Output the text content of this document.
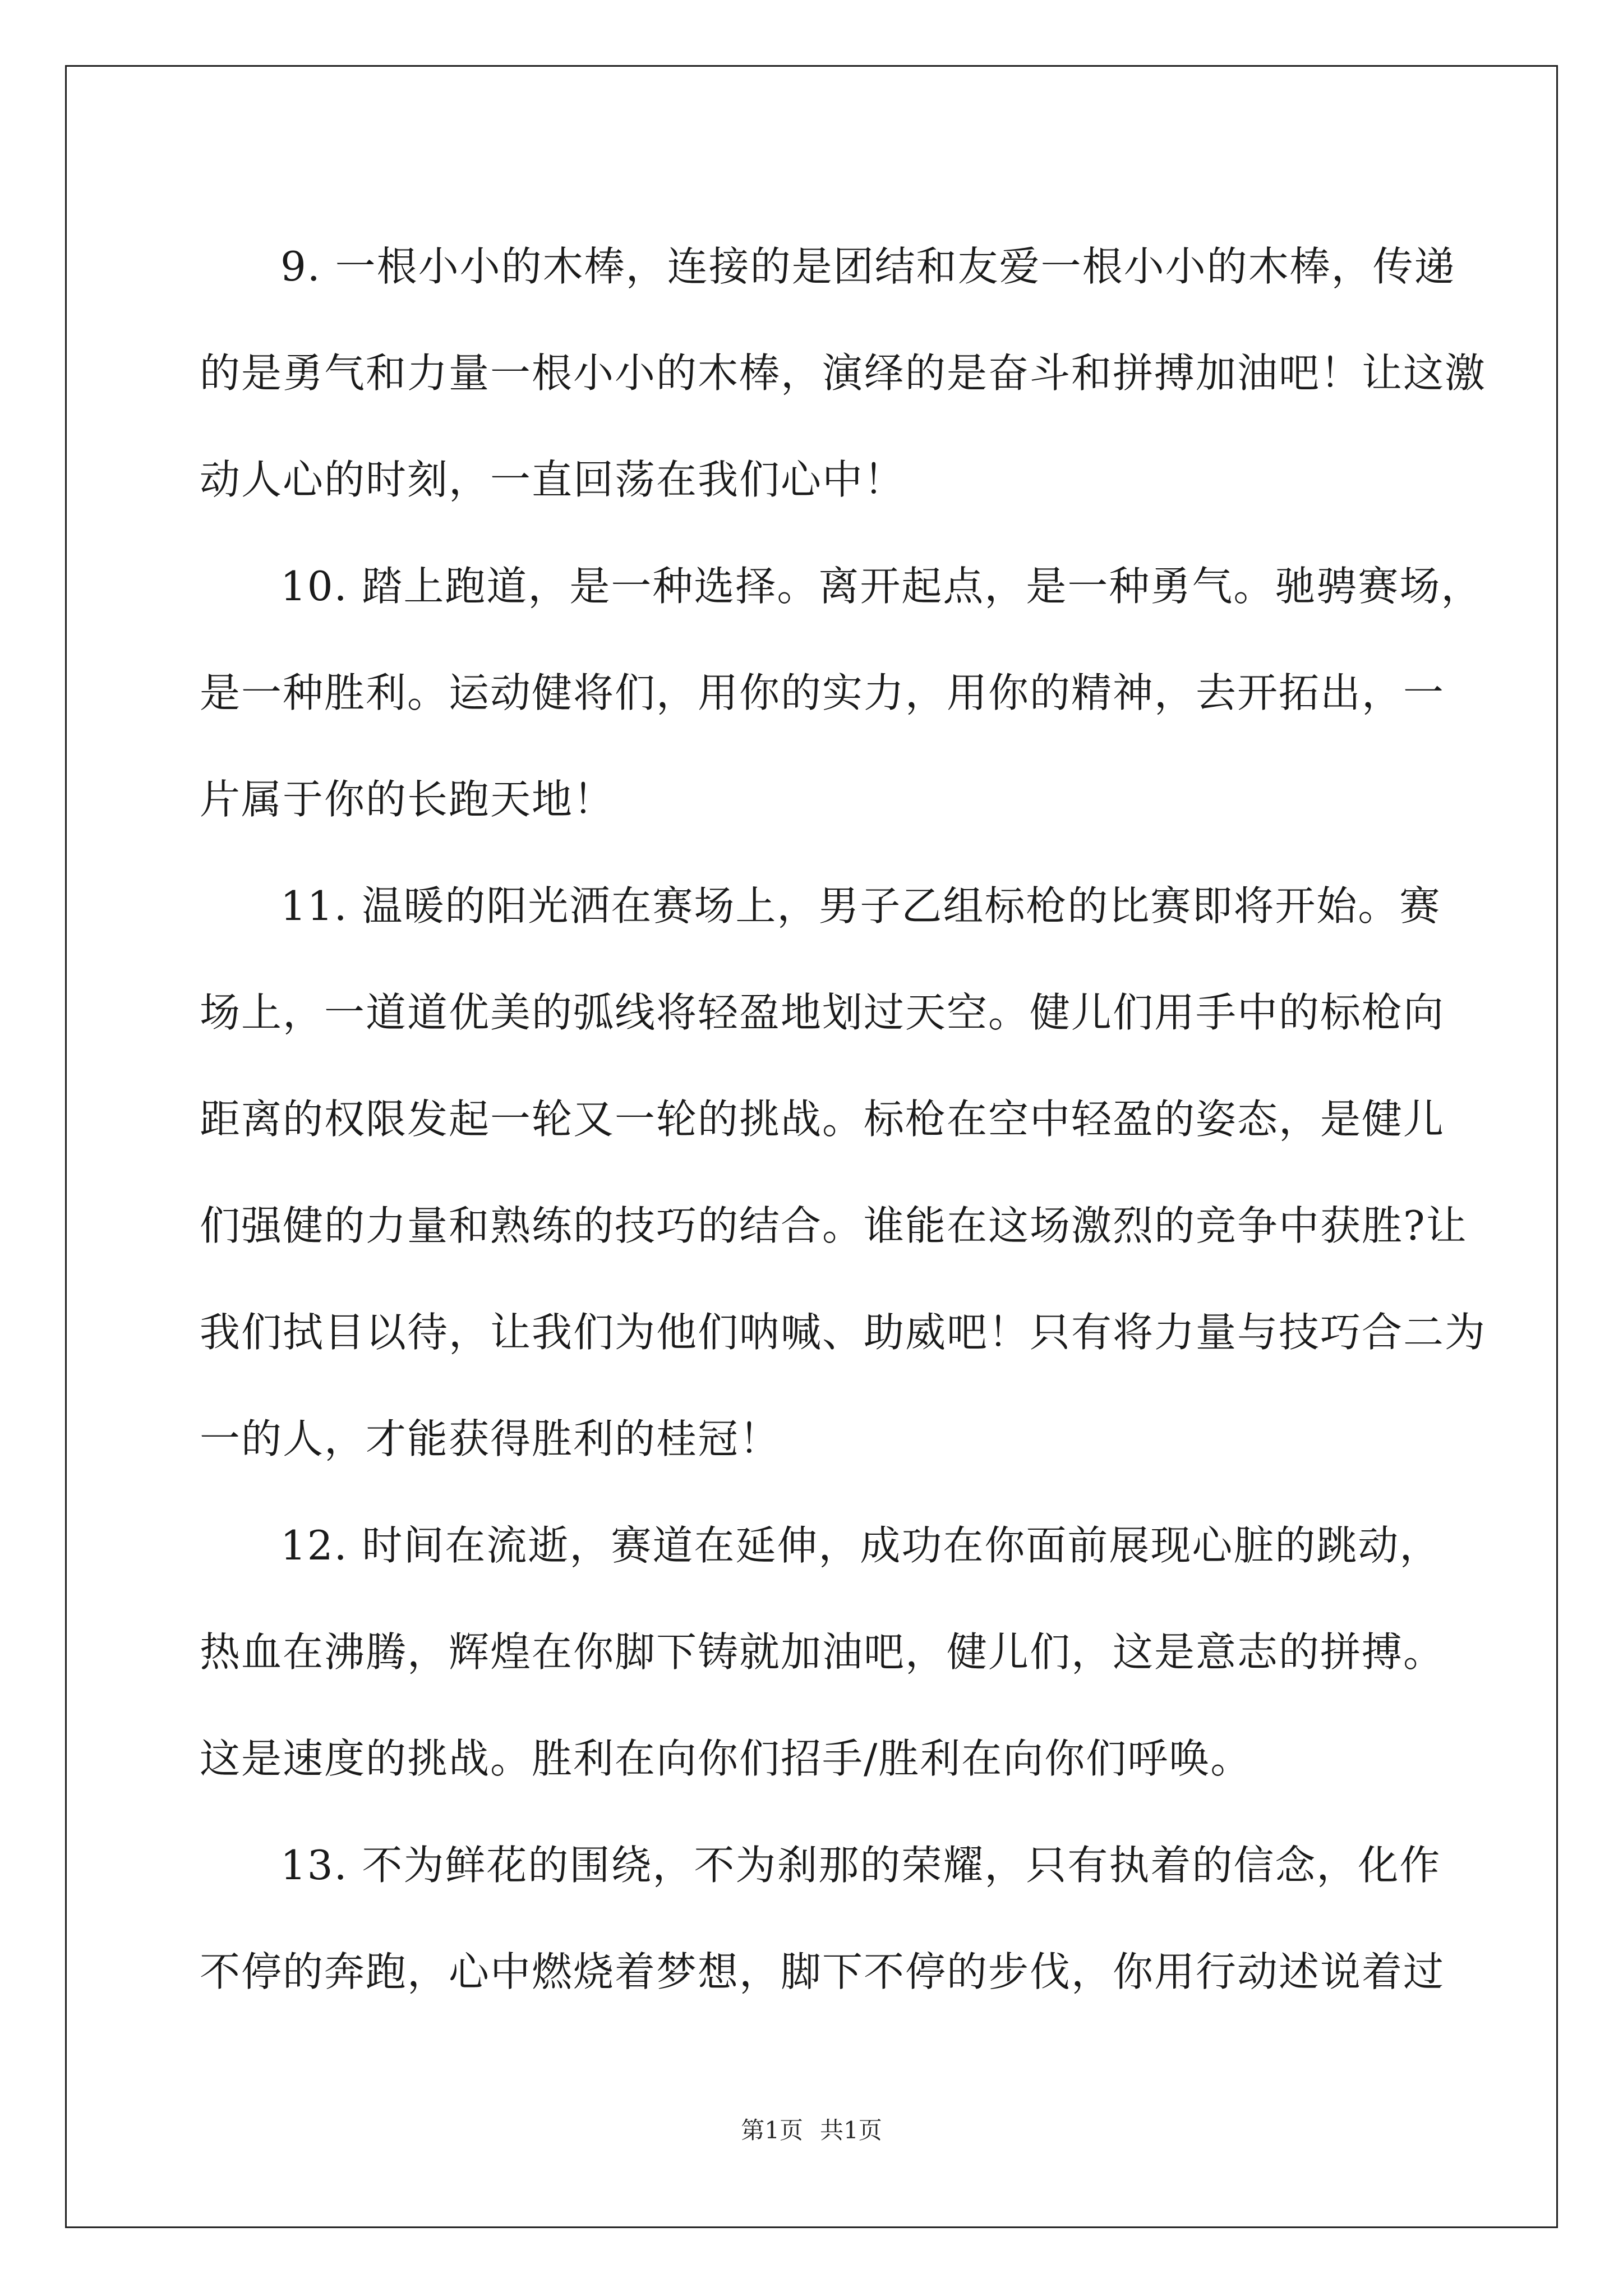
9. 一根小小的木棒，连接的是团结和友爱一根小小的木棒，传递
的是勇气和力量一根小小的木棒，演绎的是奋斗和拼搏加油吧！让这激
动人心的时刻，一直回荡在我们心中！
10. 踏上跑道，是一种选择。离开起点，是一种勇气。驰骋赛场，
是一种胜利。运动健将们，用你的实力，用你的精神，去开拓出，一
片属于你的长跑天地！
11. 温暖的阳光洒在赛场上，男子乙组标枪的比赛即将开始。赛
场上，一道道优美的弧线将轻盈地划过天空。健儿们用手中的标枪向
距离的权限发起一轮又一轮的挑战。标枪在空中轻盈的姿态，是健儿
们强健的力量和熟练的技巧的结合。谁能在这场激烈的竞争中获胜?让
我们拭目以待，让我们为他们呐喊、助威吧！只有将力量与技巧合二为
一的人，才能获得胜利的桂冠！
12. 时间在流逝，赛道在延伸，成功在你面前展现心脏的跳动，
热血在沸腾，辉煌在你脚下铸就加油吧，健儿们，这是意志的拼搏。
这是速度的挑战。胜利在向你们招手/胜利在向你们呼唤。
13. 不为鲜花的围绕，不为刹那的荣耀，只有执着的信念，化作
不停的奔跑，心中燃烧着梦想，脚下不停的步伐，你用行动述说着过
第1页 共1页
